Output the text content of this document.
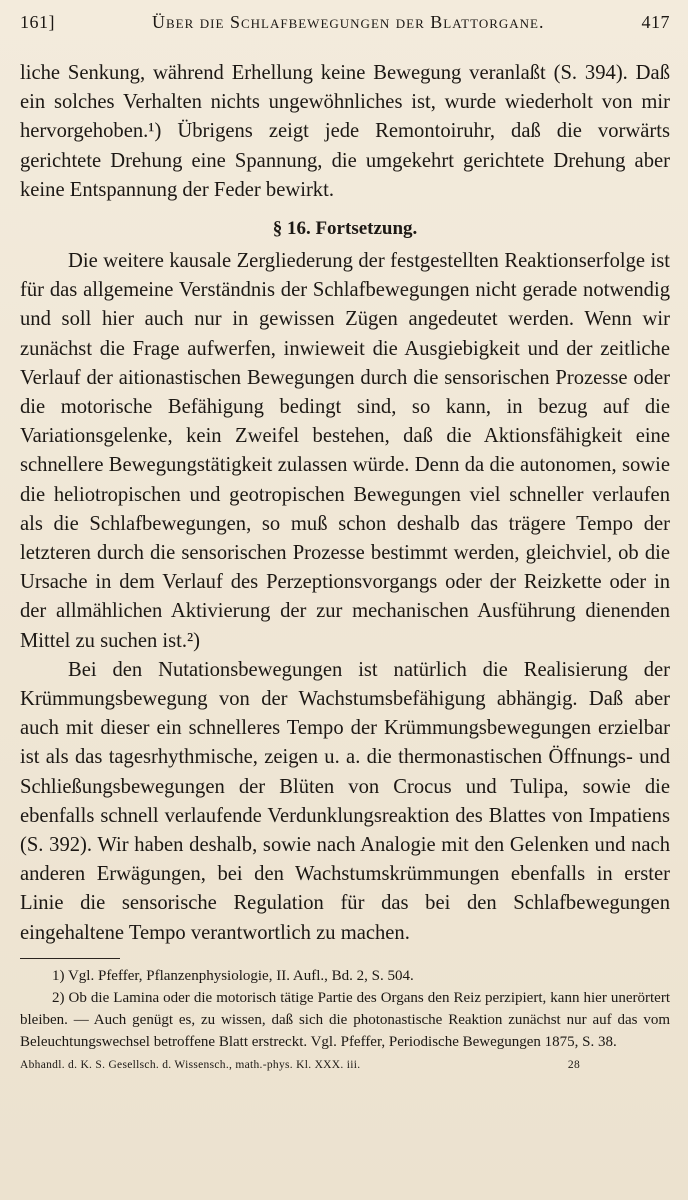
161]	Über die Schlafbewegungen der Blattorgane.	417

liche Senkung, während Erhellung keine Bewegung veranlaßt (S. 394). Daß ein solches Verhalten nichts ungewöhnliches ist, wurde wiederholt von mir hervorgehoben.¹) Übrigens zeigt jede Remontoiruhr, daß die vorwärts gerichtete Drehung eine Spannung, die umgekehrt gerichtete Drehung aber keine Entspannung der Feder bewirkt.

§ 16. Fortsetzung.

Die weitere kausale Zergliederung der festgestellten Reaktionserfolge ist für das allgemeine Verständnis der Schlafbewegungen nicht gerade notwendig und soll hier auch nur in gewissen Zügen angedeutet werden. Wenn wir zunächst die Frage aufwerfen, inwieweit die Ausgiebigkeit und der zeitliche Verlauf der aitionastischen Bewegungen durch die sensorischen Prozesse oder die motorische Befähigung bedingt sind, so kann, in bezug auf die Variationsgelenke, kein Zweifel bestehen, daß die Aktionsfähigkeit eine schnellere Bewegungstätigkeit zulassen würde. Denn da die autonomen, sowie die heliotropischen und geotropischen Bewegungen viel schneller verlaufen als die Schlafbewegungen, so muß schon deshalb das trägere Tempo der letzteren durch die sensorischen Prozesse bestimmt werden, gleichviel, ob die Ursache in dem Verlauf des Perzeptionsvorgangs oder der Reizkette oder in der allmählichen Aktivierung der zur mechanischen Ausführung dienenden Mittel zu suchen ist.²)

Bei den Nutationsbewegungen ist natürlich die Realisierung der Krümmungsbewegung von der Wachstumsbefähigung abhängig. Daß aber auch mit dieser ein schnelleres Tempo der Krümmungsbewegungen erzielbar ist als das tagesrhythmische, zeigen u. a. die thermonastischen Öffnungs- und Schließungsbewegungen der Blüten von Crocus und Tulipa, sowie die ebenfalls schnell verlaufende Verdunklungsreaktion des Blattes von Impatiens (S. 392). Wir haben deshalb, sowie nach Analogie mit den Gelenken und nach anderen Erwägungen, bei den Wachstumskrümmungen ebenfalls in erster Linie die sensorische Regulation für das bei den Schlafbewegungen eingehaltene Tempo verantwortlich zu machen.

1) Vgl. Pfeffer, Pflanzenphysiologie, II. Aufl., Bd. 2, S. 504.

2) Ob die Lamina oder die motorisch tätige Partie des Organs den Reiz perzipiert, kann hier unerörtert bleiben. — Auch genügt es, zu wissen, daß sich die photonastische Reaktion zunächst nur auf das vom Beleuchtungswechsel betroffene Blatt erstreckt. Vgl. Pfeffer, Periodische Bewegungen 1875, S. 38.

Abhandl. d. K. S. Gesellsch. d. Wissensch., math.-phys. Kl. XXX. iii.	28
